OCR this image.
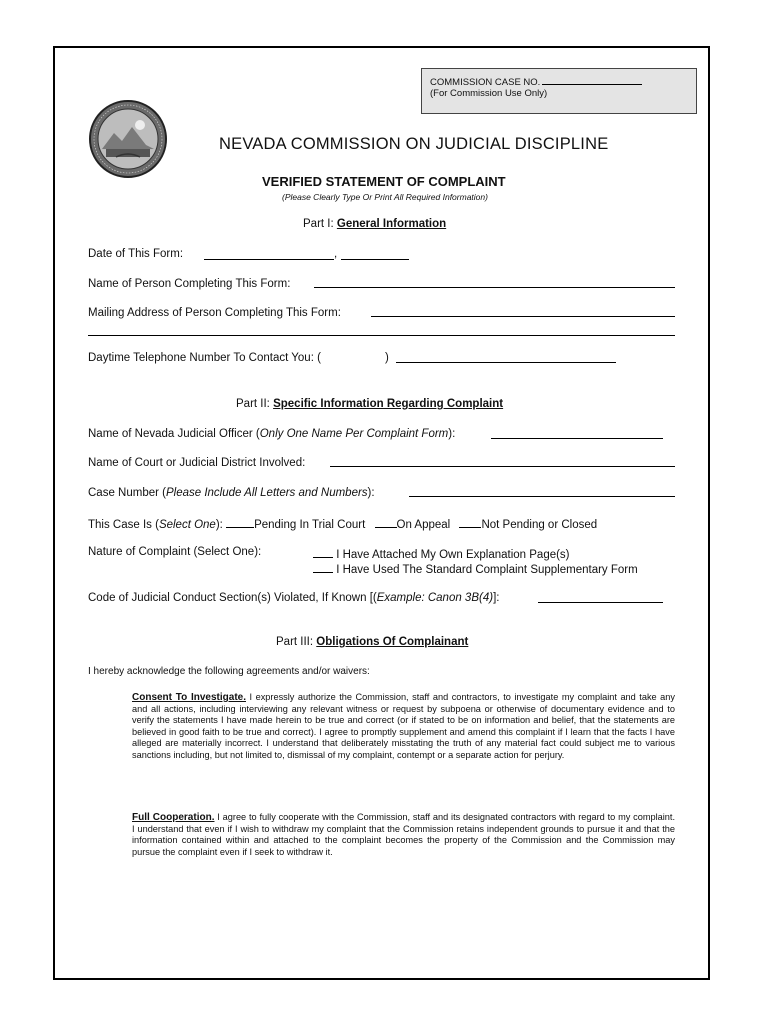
COMMISSION CASE NO.
(For Commission Use Only)
NEVADA COMMISSION ON JUDICIAL DISCIPLINE
VERIFIED STATEMENT OF COMPLAINT
(Please Clearly Type Or Print All Required Information)
Part I: General Information
Date of This Form:	,
Name of Person Completing This Form:
Mailing Address of Person Completing This Form:
Daytime Telephone Number To Contact You: (	)
Part II: Specific Information Regarding Complaint
Name of Nevada Judicial Officer (Only One Name Per Complaint Form):
Name of Court or Judicial District Involved:
Case Number (Please Include All Letters and Numbers):
This Case Is (Select One):	Pending In Trial Court	On Appeal	Not Pending or Closed
Nature of Complaint (Select One):	I Have Attached My Own Explanation Page(s)
I Have Used The Standard Complaint Supplementary Form
Code of Judicial Conduct Section(s) Violated, If Known [(Example: Canon 3B(4)]:
Part III: Obligations Of Complainant
I hereby acknowledge the following agreements and/or waivers:
Consent To Investigate. I expressly authorize the Commission, staff and contractors, to investigate my complaint and take any and all actions, including interviewing any relevant witness or request by subpoena or otherwise of documentary evidence and to verify the statements I have made herein to be true and correct (or if stated to be on information and belief, that the statements are believed in good faith to be true and correct). I agree to promptly supplement and amend this complaint if I learn that the facts I have alleged are materially incorrect. I understand that deliberately misstating the truth of any material fact could subject me to various sanctions including, but not limited to, dismissal of my complaint, contempt or a separate action for perjury.
Full Cooperation. I agree to fully cooperate with the Commission, staff and its designated contractors with regard to my complaint. I understand that even if I wish to withdraw my complaint that the Commission retains independent grounds to pursue it and that the information contained within and attached to the complaint becomes the property of the Commission and the Commission may pursue the complaint even if I seek to withdraw it.
